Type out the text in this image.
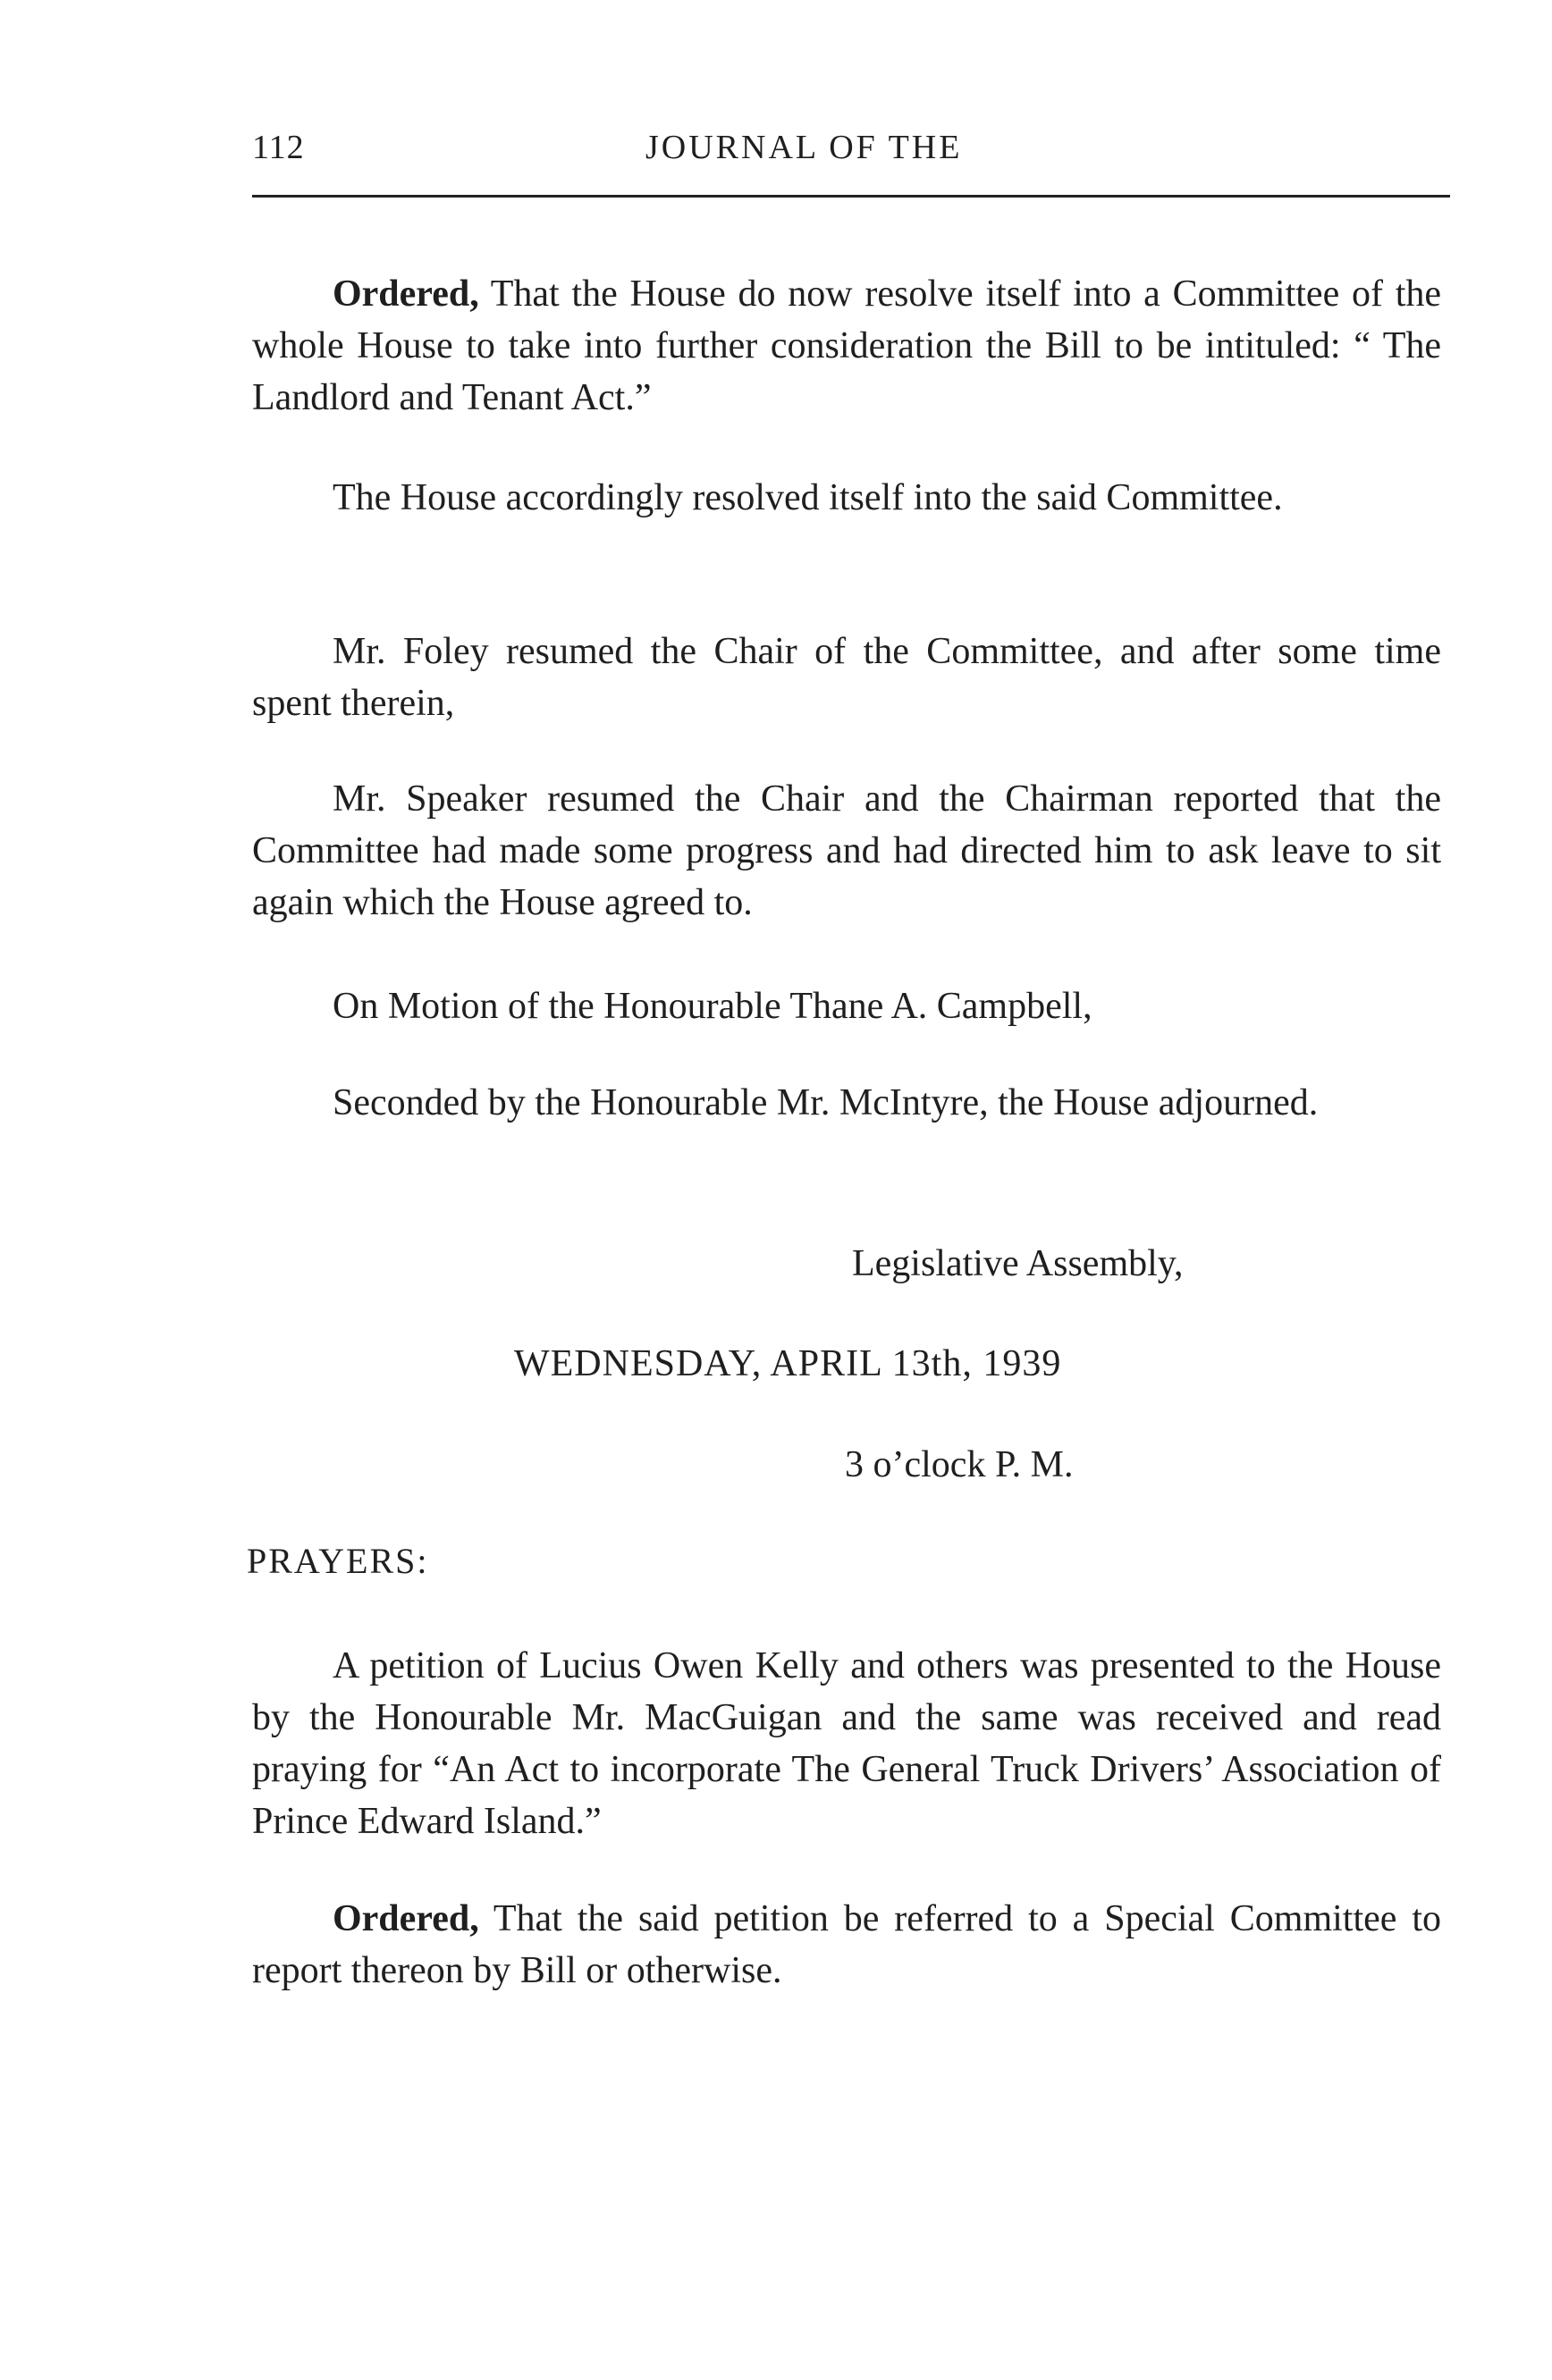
112	JOURNAL OF THE

Ordered, That the House do now resolve itself into a Committee of the whole House to take into further consideration the Bill to be intituled: “ The Landlord and Tenant Act.”

The House accordingly resolved itself into the said Committee.

Mr. Foley resumed the Chair of the Committee, and after some time spent therein,

Mr. Speaker resumed the Chair and the Chairman reported that the Committee had made some progress and had directed him to ask leave to sit again which the House agreed to.

On Motion of the Honourable Thane A. Campbell,

Seconded by the Honourable Mr. McIntyre, the House adjourned.

Legislative Assembly,
WEDNESDAY, APRIL 13th, 1939
3 o’clock P. M.
PRAYERS:

A petition of Lucius Owen Kelly and others was presented to the House by the Honourable Mr. MacGuigan and the same was received and read praying for “An Act to incorporate The General Truck Drivers’ Association of Prince Edward Island.”

Ordered, That the said petition be referred to a Special Committee to report thereon by Bill or otherwise.
